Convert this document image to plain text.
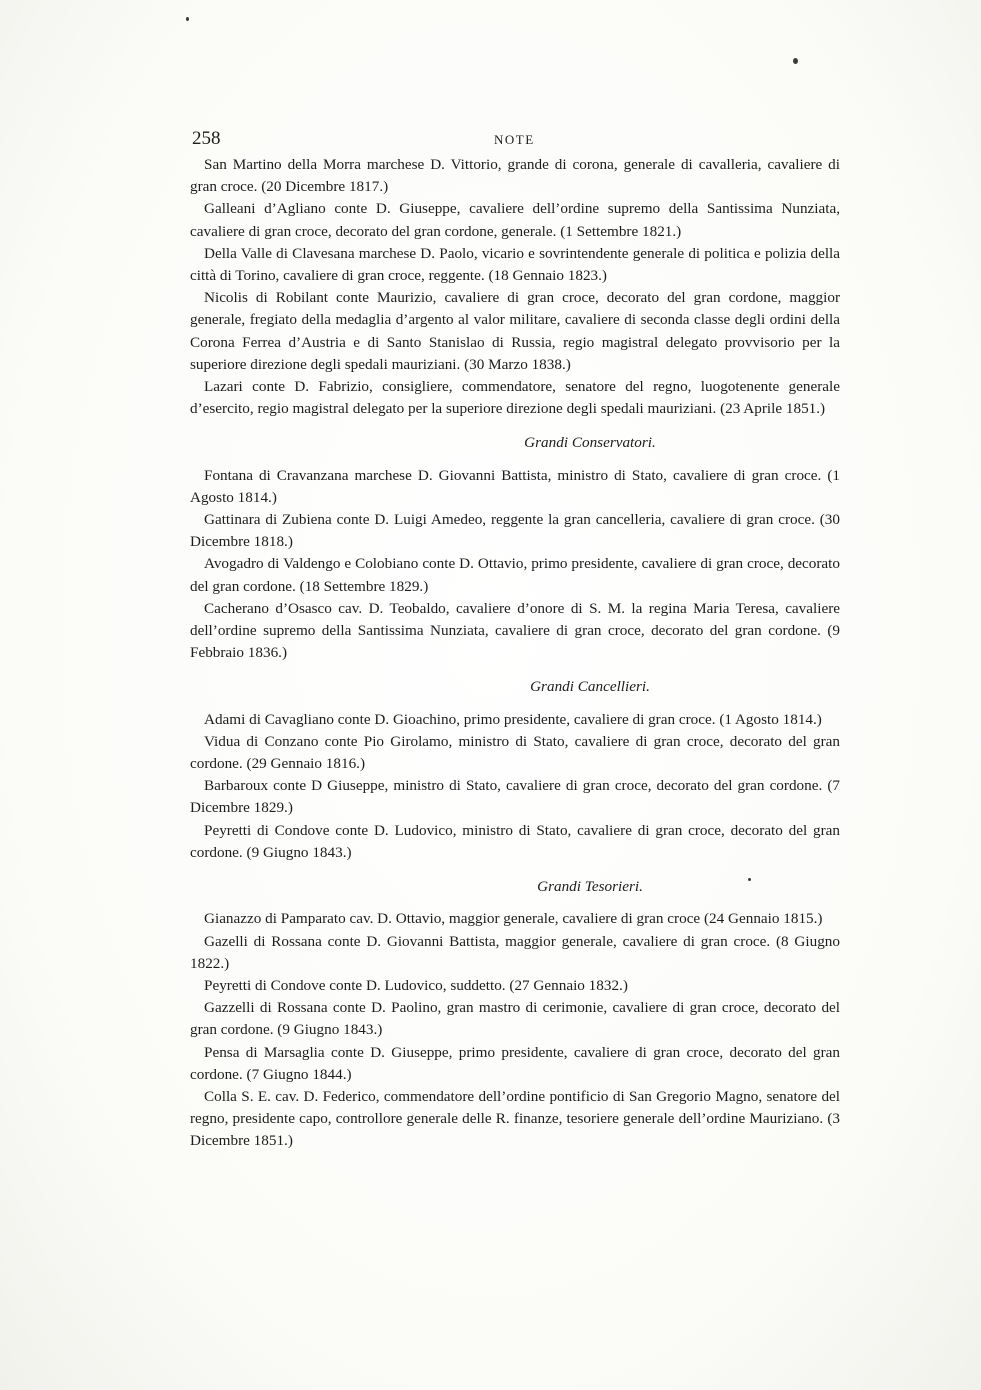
258	NOTE

San Martino della Morra marchese D. Vittorio, grande di corona, generale di cavalleria, cavaliere di gran croce. (20 Dicembre 1817.)

Galleani d’Agliano conte D. Giuseppe, cavaliere dell’ordine supremo della Santissima Nunziata, cavaliere di gran croce, decorato del gran cordone, generale. (1 Settembre 1821.)

Della Valle di Clavesana marchese D. Paolo, vicario e sovrintendente generale di politica e polizia della città di Torino, cavaliere di gran croce, reggente. (18 Gennaio 1823.)

Nicolis di Robilant conte Maurizio, cavaliere di gran croce, decorato del gran cordone, maggior generale, fregiato della medaglia d’argento al valor militare, cavaliere di seconda classe degli ordini della Corona Ferrea d’Austria e di Santo Stanislao di Russia, regio magistral delegato provvisorio per la superiore direzione degli spedali mauriziani. (30 Marzo 1838.)

Lazari conte D. Fabrizio, consigliere, commendatore, senatore del regno, luogotenente generale d’esercito, regio magistral delegato per la superiore direzione degli spedali mauriziani. (23 Aprile 1851.)

Grandi Conservatori.

Fontana di Cravanzana marchese D. Giovanni Battista, ministro di Stato, cavaliere di gran croce. (1 Agosto 1814.)

Gattinara di Zubiena conte D. Luigi Amedeo, reggente la gran cancelleria, cavaliere di gran croce. (30 Dicembre 1818.)

Avogadro di Valdengo e Colobiano conte D. Ottavio, primo presidente, cavaliere di gran croce, decorato del gran cordone. (18 Settembre 1829.)

Cacherano d’Osasco cav. D. Teobaldo, cavaliere d’onore di S. M. la regina Maria Teresa, cavaliere dell’ordine supremo della Santissima Nunziata, cavaliere di gran croce, decorato del gran cordone. (9 Febbraio 1836.)

Grandi Cancellieri.

Adami di Cavagliano conte D. Gioachino, primo presidente, cavaliere di gran croce. (1 Agosto 1814.)

Vidua di Conzano conte Pio Girolamo, ministro di Stato, cavaliere di gran croce, decorato del gran cordone. (29 Gennaio 1816.)

Barbaroux conte D Giuseppe, ministro di Stato, cavaliere di gran croce, decorato del gran cordone. (7 Dicembre 1829.)

Peyretti di Condove conte D. Ludovico, ministro di Stato, cavaliere di gran croce, decorato del gran cordone. (9 Giugno 1843.)

Grandi Tesorieri.

Gianazzo di Pamparato cav. D. Ottavio, maggior generale, cavaliere di gran croce (24 Gennaio 1815.)

Gazelli di Rossana conte D. Giovanni Battista, maggior generale, cavaliere di gran croce. (8 Giugno 1822.)

Peyretti di Condove conte D. Ludovico, suddetto. (27 Gennaio 1832.)

Gazzelli di Rossana conte D. Paolino, gran mastro di cerimonie, cavaliere di gran croce, decorato del gran cordone. (9 Giugno 1843.)

Pensa di Marsaglia conte D. Giuseppe, primo presidente, cavaliere di gran croce, decorato del gran cordone. (7 Giugno 1844.)

Colla S. E. cav. D. Federico, commendatore dell’ordine pontificio di San Gregorio Magno, senatore del regno, presidente capo, controllore generale delle R. finanze, tesoriere generale dell’ordine Mauriziano. (3 Dicembre 1851.)
